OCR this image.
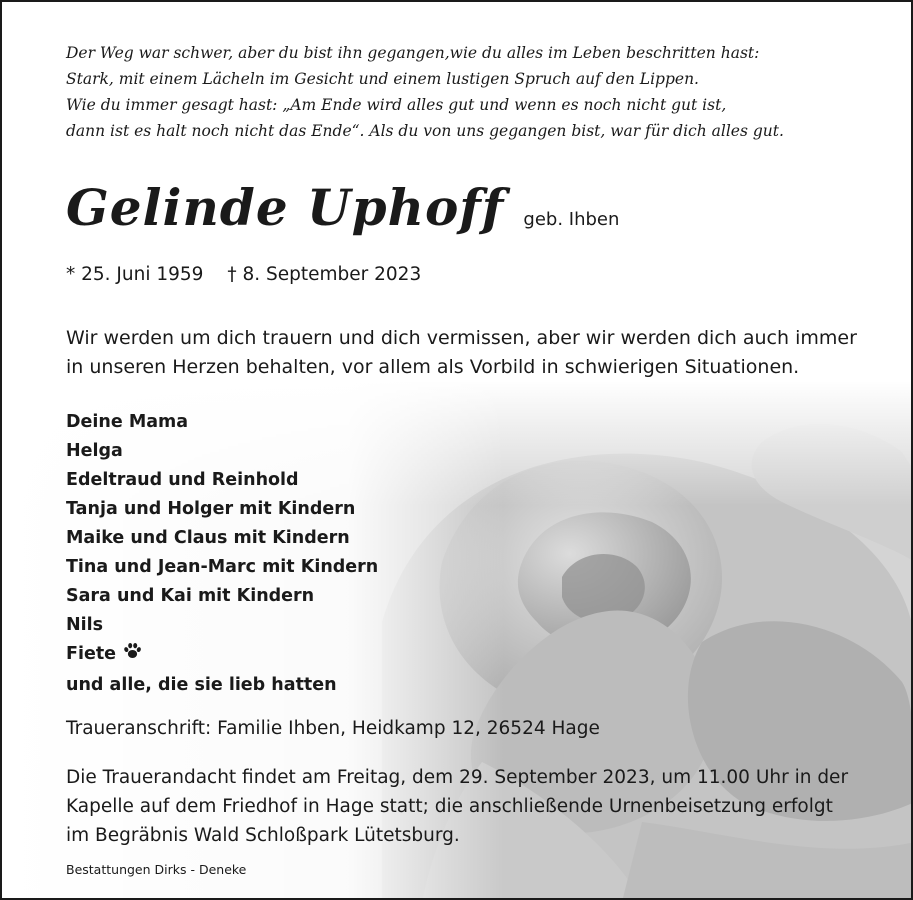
Der Weg war schwer, aber du bist ihn gegangen,wie du alles im Leben beschritten hast:
Stark, mit einem Lächeln im Gesicht und einem lustigen Spruch auf den Lippen.
Wie du immer gesagt hast: „Am Ende wird alles gut und wenn es noch nicht gut ist,
dann ist es halt noch nicht das Ende“. Als du von uns gegangen bist, war für dich alles gut.
Gelinde Uphoff geb. Ihben
* 25. Juni 1959 † 8. September 2023
Wir werden um dich trauern und dich vermissen, aber wir werden dich auch immer
in unseren Herzen behalten, vor allem als Vorbild in schwierigen Situationen.
Deine Mama
Helga
Edeltraud und Reinhold
Tanja und Holger mit Kindern
Maike und Claus mit Kindern
Tina und Jean-Marc mit Kindern
Sara und Kai mit Kindern
Nils
Fiete
und alle, die sie lieb hatten
Traueranschrift: Familie Ihben, Heidkamp 12, 26524 Hage
Die Trauerandacht findet am Freitag, dem 29. September 2023, um 11.00 Uhr in der
Kapelle auf dem Friedhof in Hage statt; die anschließende Urnenbeisetzung erfolgt
im Begräbnis Wald Schloßpark Lütetsburg.
Bestattungen Dirks - Deneke
